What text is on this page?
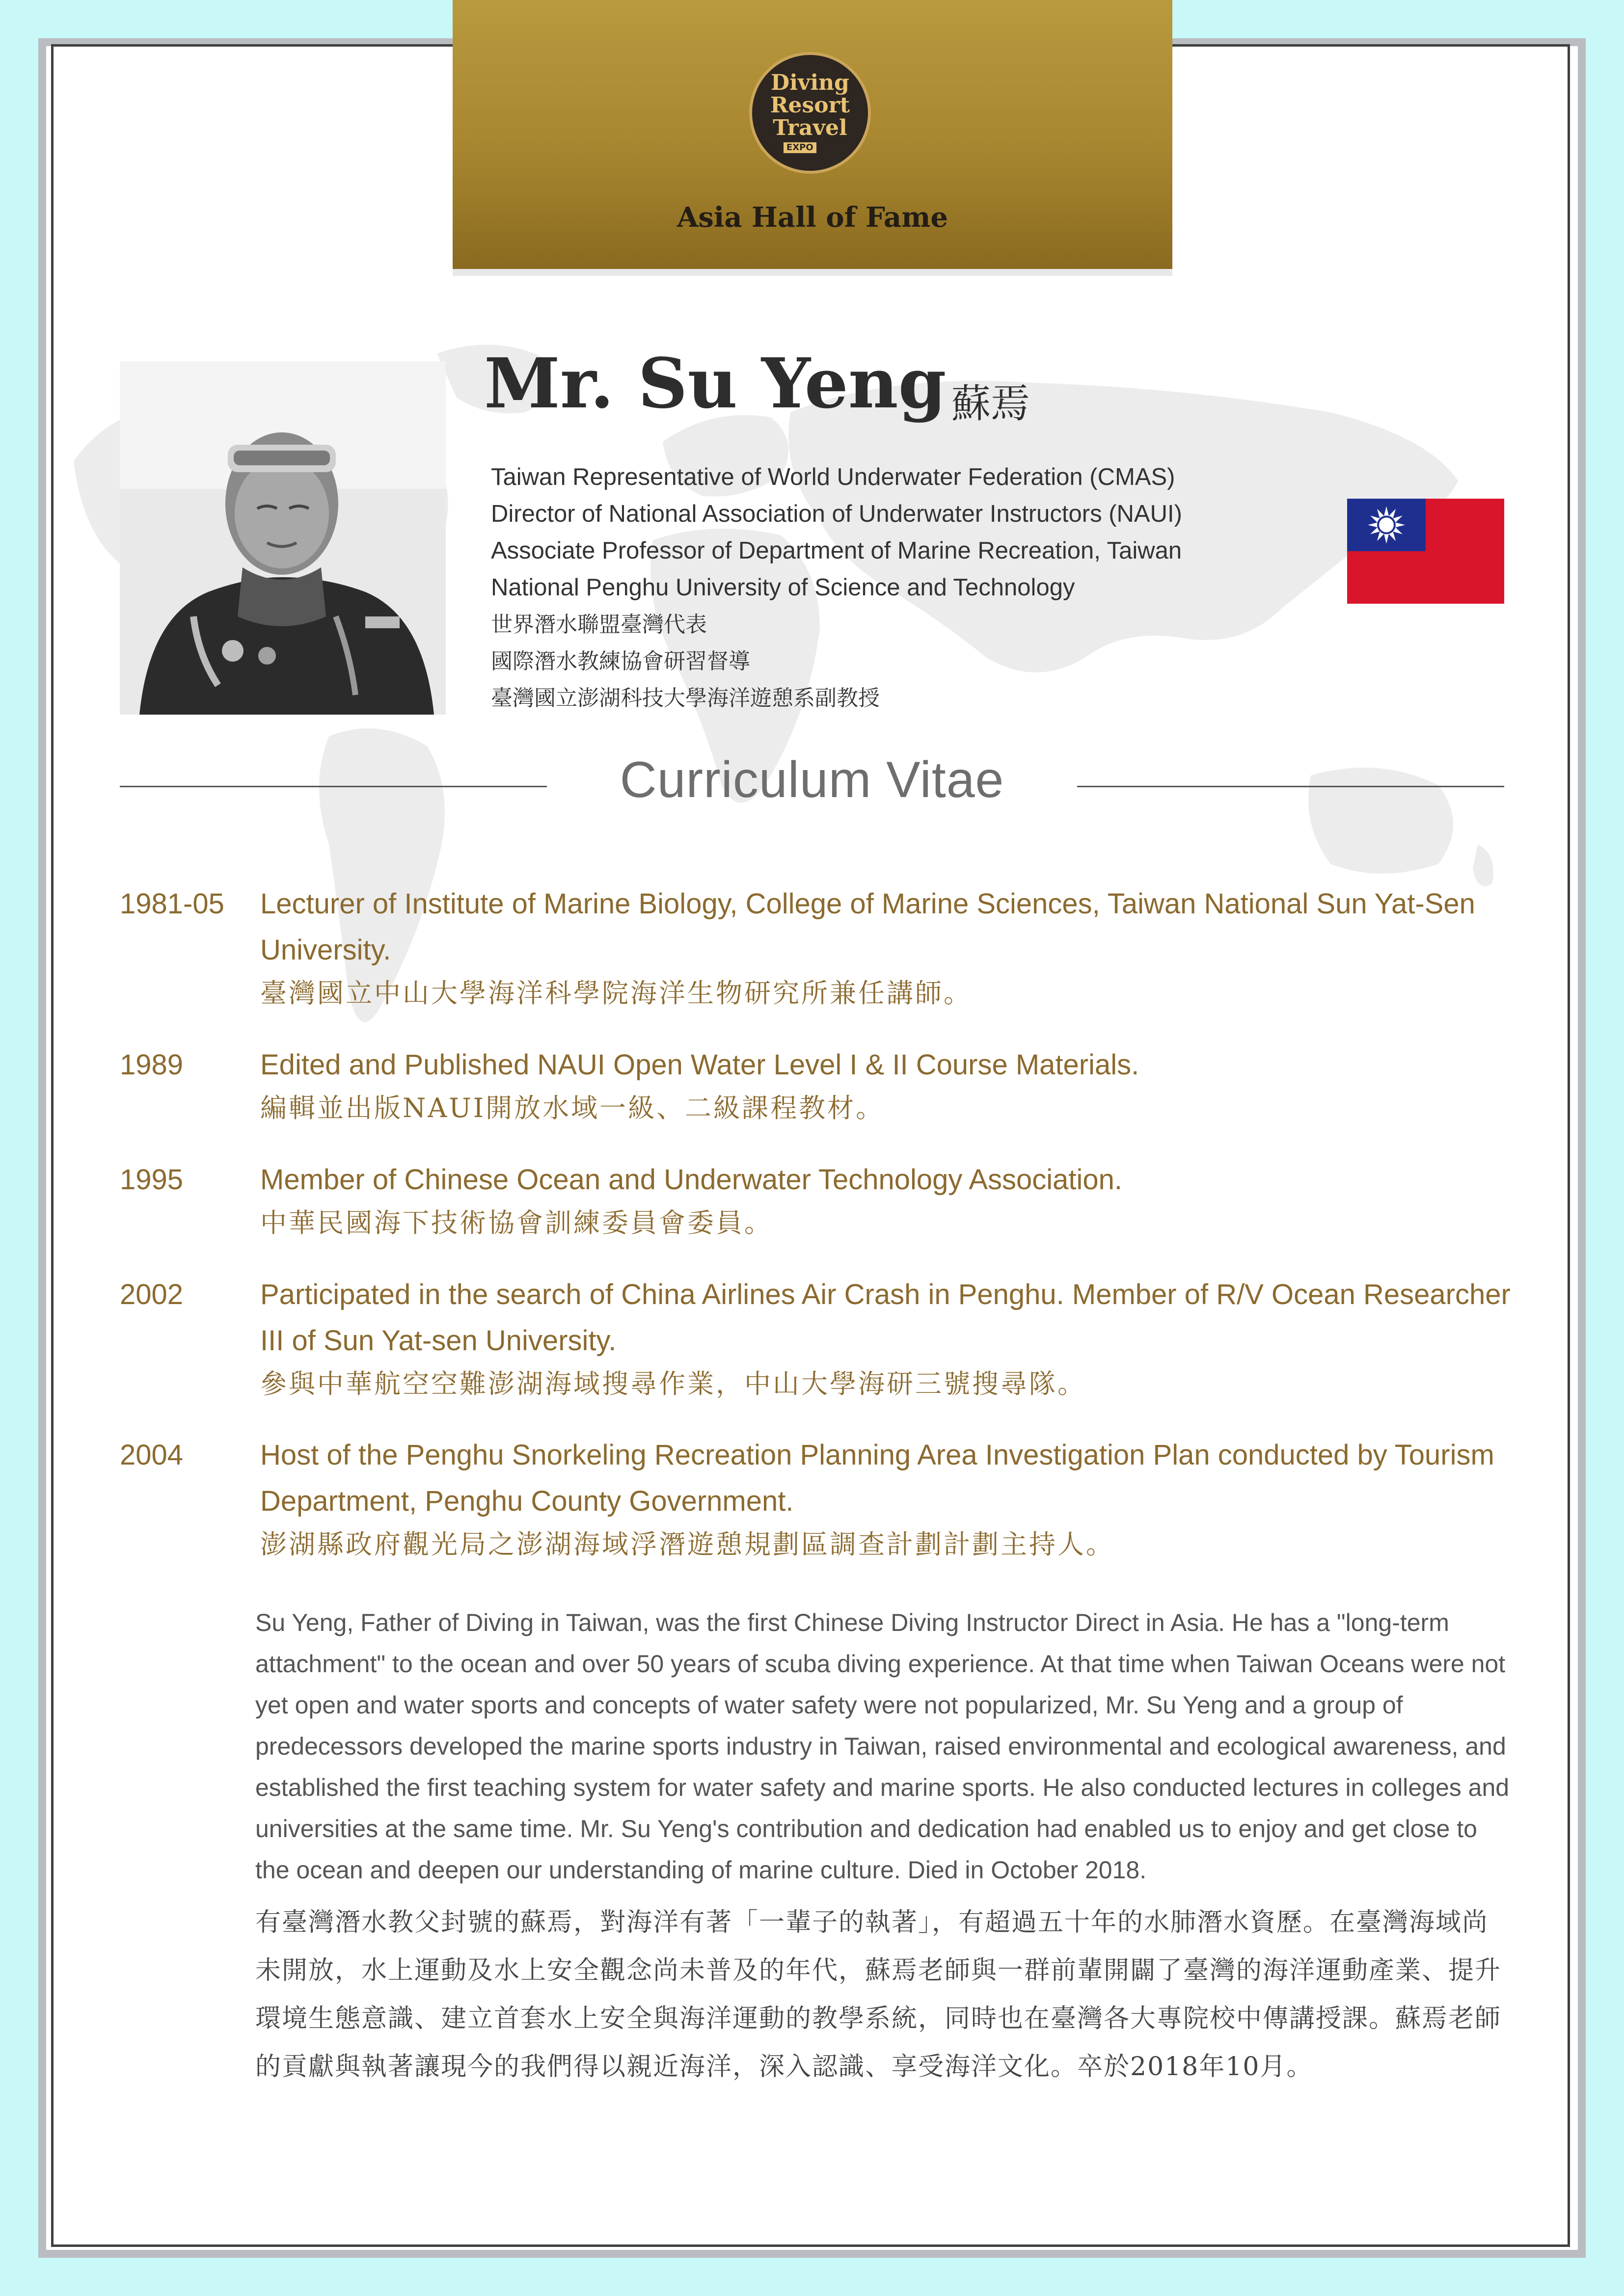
Diving
Resort
Travel
EXPO
Asia Hall of Fame
Mr. Su Yeng 蘇焉
Taiwan Representative of World Underwater Federation (CMAS)
Director of National Association of Underwater Instructors (NAUI)
Associate Professor of Department of Marine Recreation, Taiwan
National Penghu University of Science and Technology
世界潛水聯盟臺灣代表
國際潛水教練協會研習督導
臺灣國立澎湖科技大學海洋遊憩系副教授
Curriculum Vitae
1981-05 Lecturer of Institute of Marine Biology, College of Marine Sciences, Taiwan National Sun Yat-Sen University.
臺灣國立中山大學海洋科學院海洋生物研究所兼任講師。
1989	Edited and Published NAUI Open Water Level I & II Course Materials.
編輯並出版NAUI開放水域一級、二級課程教材。
1995	Member of Chinese Ocean and Underwater Technology Association.
中華民國海下技術協會訓練委員會委員。
2002	Participated in the search of China Airlines Air Crash in Penghu. Member of R/V Ocean Researcher III of Sun Yat-sen University.
參與中華航空空難澎湖海域搜尋作業，中山大學海研三號搜尋隊。
2004	Host of the Penghu Snorkeling Recreation Planning Area Investigation Plan conducted by Tourism Department, Penghu County Government.
澎湖縣政府觀光局之澎湖海域浮潛遊憩規劃區調查計劃計劃主持人。
Su Yeng, Father of Diving in Taiwan, was the first Chinese Diving Instructor Direct in Asia. He has a "long-term attachment" to the ocean and over 50 years of scuba diving experience. At that time when Taiwan Oceans were not yet open and water sports and concepts of water safety were not popularized, Mr. Su Yeng and a group of predecessors developed the marine sports industry in Taiwan, raised environmental and ecological awareness, and established the first teaching system for water safety and marine sports. He also conducted lectures in colleges and universities at the same time. Mr. Su Yeng's contribution and dedication had enabled us to enjoy and get close to the ocean and deepen our understanding of marine culture. Died in October 2018.
有臺灣潛水教父封號的蘇焉，對海洋有著「一輩子的執著」，有超過五十年的水肺潛水資歷。在臺灣海域尚未開放，水上運動及水上安全觀念尚未普及的年代，蘇焉老師與一群前輩開闢了臺灣的海洋運動產業、提升環境生態意識、建立首套水上安全與海洋運動的教學系統，同時也在臺灣各大專院校中傳講授課。蘇焉老師的貢獻與執著讓現今的我們得以親近海洋，深入認識、享受海洋文化。卒於2018年10月。
